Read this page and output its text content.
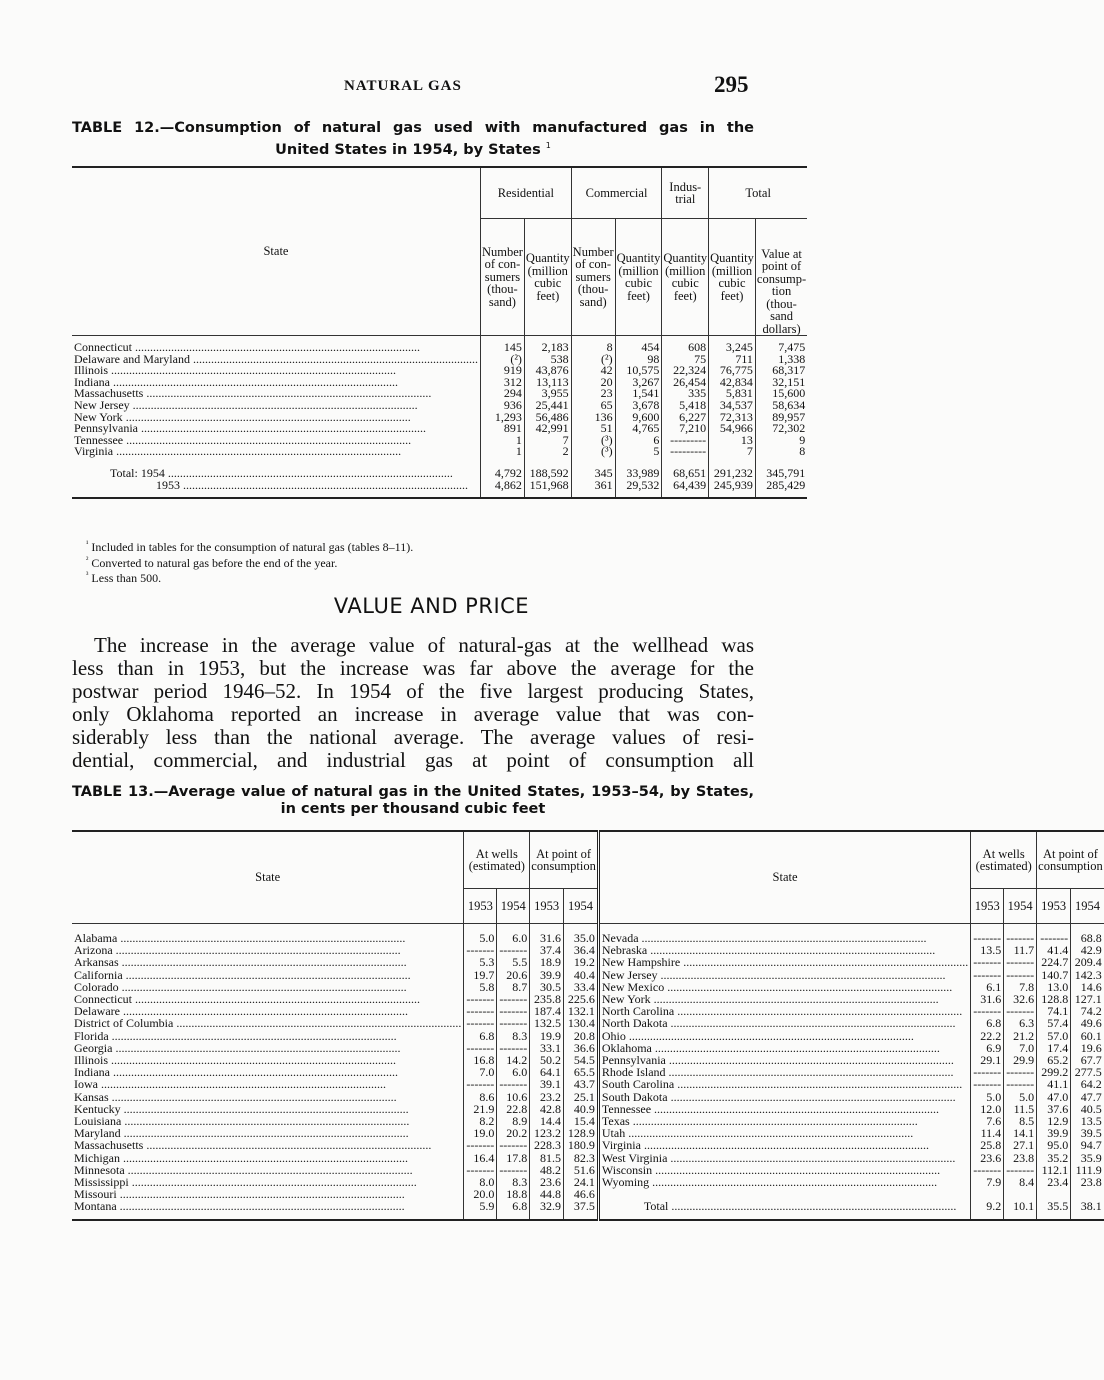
NATURAL GAS	295
TABLE 12.—Consumption of natural gas used with manufactured gas in the
United States in 1954, by States $^1$
State	Residential		Commercial		Indus- trial	Total	
	Number of con- sumers (thou- sand)	Quantity (million cubic feet)	Number of con- sumers (thou- sand)	Quantity (million cubic feet)	Quantity (million cubic feet)	Quantity (million cubic feet)	Value at point of consump- tion (thou- sand dollars)
Connecticut .....	145	2,183	8	454	608	3,245	7,475
Delaware and Maryland .....	(²)	538	(²)	98	75	711	1,338
Illinois .....	919	43,876	42	10,575	22,324	76,775	68,317
Indiana .....	312	13,113	20	3,267	26,454	42,834	32,151
Massachusetts .....	294	3,955	23	1,541	335	5,831	15,600
New Jersey .....	936	25,441	65	3,678	5,418	34,537	58,634
New York .....	1,293	56,486	136	9,600	6,227	72,313	89,957
Pennsylvania .....	891	42,991	51	4,765	7,210	54,966	72,302
Tennessee .....	1	7	(³)	6	---------	13	9
Virginia .....	1	2	(³)	5	---------	7	8
Total: 1954 .....	4,792	188,592	345	33,989	68,651	291,232	345,791
1953 .....	4,862	151,968	361	29,532	64,439	245,939	285,429
$^{^1}$ Included in tables for the consumption of natural gas (tables 8–11).
$^{^2}$ Converted to natural gas before the end of the year.
$^{^3}$ Less than 500.
VALUE AND PRICE
The increase in the average value of natural-gas at the wellhead was
less than in 1953, but the increase was far above the average for the
postwar period 1946–52. In 1954 of the five largest producing States,
only Oklahoma reported an increase in average value that was con-
siderably less than the national average. The average values of resi-
dential, commercial, and industrial gas at point of consumption all
TABLE 13.—Average value of natural gas in the United States, 1953–54, by States,
in cents per thousand cubic feet
State	At wells (estimated)		At point of consumption		State	At wells (estimated)		At point of consumption	
	1953	1954	1953	1954		1953	1954	1953	1954
Alabama .....	5.0	6.0	31.6	35.0	Nevada .....	-------	-------	-------	68.8
Arizona .....	-------	-------	37.4	36.4	Nebraska .....	13.5	11.7	41.4	42.9
Arkansas .....	5.3	5.5	18.9	19.2	New Hampshire .....	-------	-------	224.7	209.4
California .....	19.7	20.6	39.9	40.4	New Jersey .....	-------	-------	140.7	142.3
Colorado .....	5.8	8.7	30.5	33.4	New Mexico .....	6.1	7.8	13.0	14.6
Connecticut .....	-------	-------	235.8	225.6	New York .....	31.6	32.6	128.8	127.1
Delaware .....	-------	-------	187.4	132.1	North Carolina .....	-------	-------	74.1	74.2
District of Columbia .....	-------	-------	132.5	130.4	North Dakota .....	6.8	6.3	57.4	49.6
Florida .....	6.8	8.3	19.9	20.8	Ohio .....	22.2	21.2	57.0	60.1
Georgia .....	-------	-------	33.1	36.6	Oklahoma .....	6.9	7.0	17.4	19.6
Illinois .....	16.8	14.2	50.2	54.5	Pennsylvania .....	29.1	29.9	65.2	67.7
Indiana .....	7.0	6.0	64.1	65.5	Rhode Island .....	-------	-------	299.2	277.5
Iowa .....	-------	-------	39.1	43.7	South Carolina .....	-------	-------	41.1	64.2
Kansas .....	8.6	10.6	23.2	25.1	South Dakota .....	5.0	5.0	47.0	47.7
Kentucky .....	21.9	22.8	42.8	40.9	Tennessee .....	12.0	11.5	37.6	40.5
Louisiana .....	8.2	8.9	14.4	15.4	Texas .....	7.6	8.5	12.9	13.5
Maryland .....	19.0	20.2	123.2	128.9	Utah .....	11.4	14.1	39.9	39.5
Massachusetts .....	-------	-------	228.3	180.9	Virginia .....	25.8	27.1	95.0	94.7
Michigan .....	16.4	17.8	81.5	82.3	West Virginia .....	23.6	23.8	35.2	35.9
Minnesota .....	-------	-------	48.2	51.6	Wisconsin .....	-------	-------	112.1	111.9
Mississippi .....	8.0	8.3	23.6	24.1	Wyoming .....	7.9	8.4	23.4	23.8
Missouri .....	20.0	18.8	44.8	46.6					
Montana .....	5.9	6.8	32.9	37.5	Total .....	9.2	10.1	35.5	38.1
